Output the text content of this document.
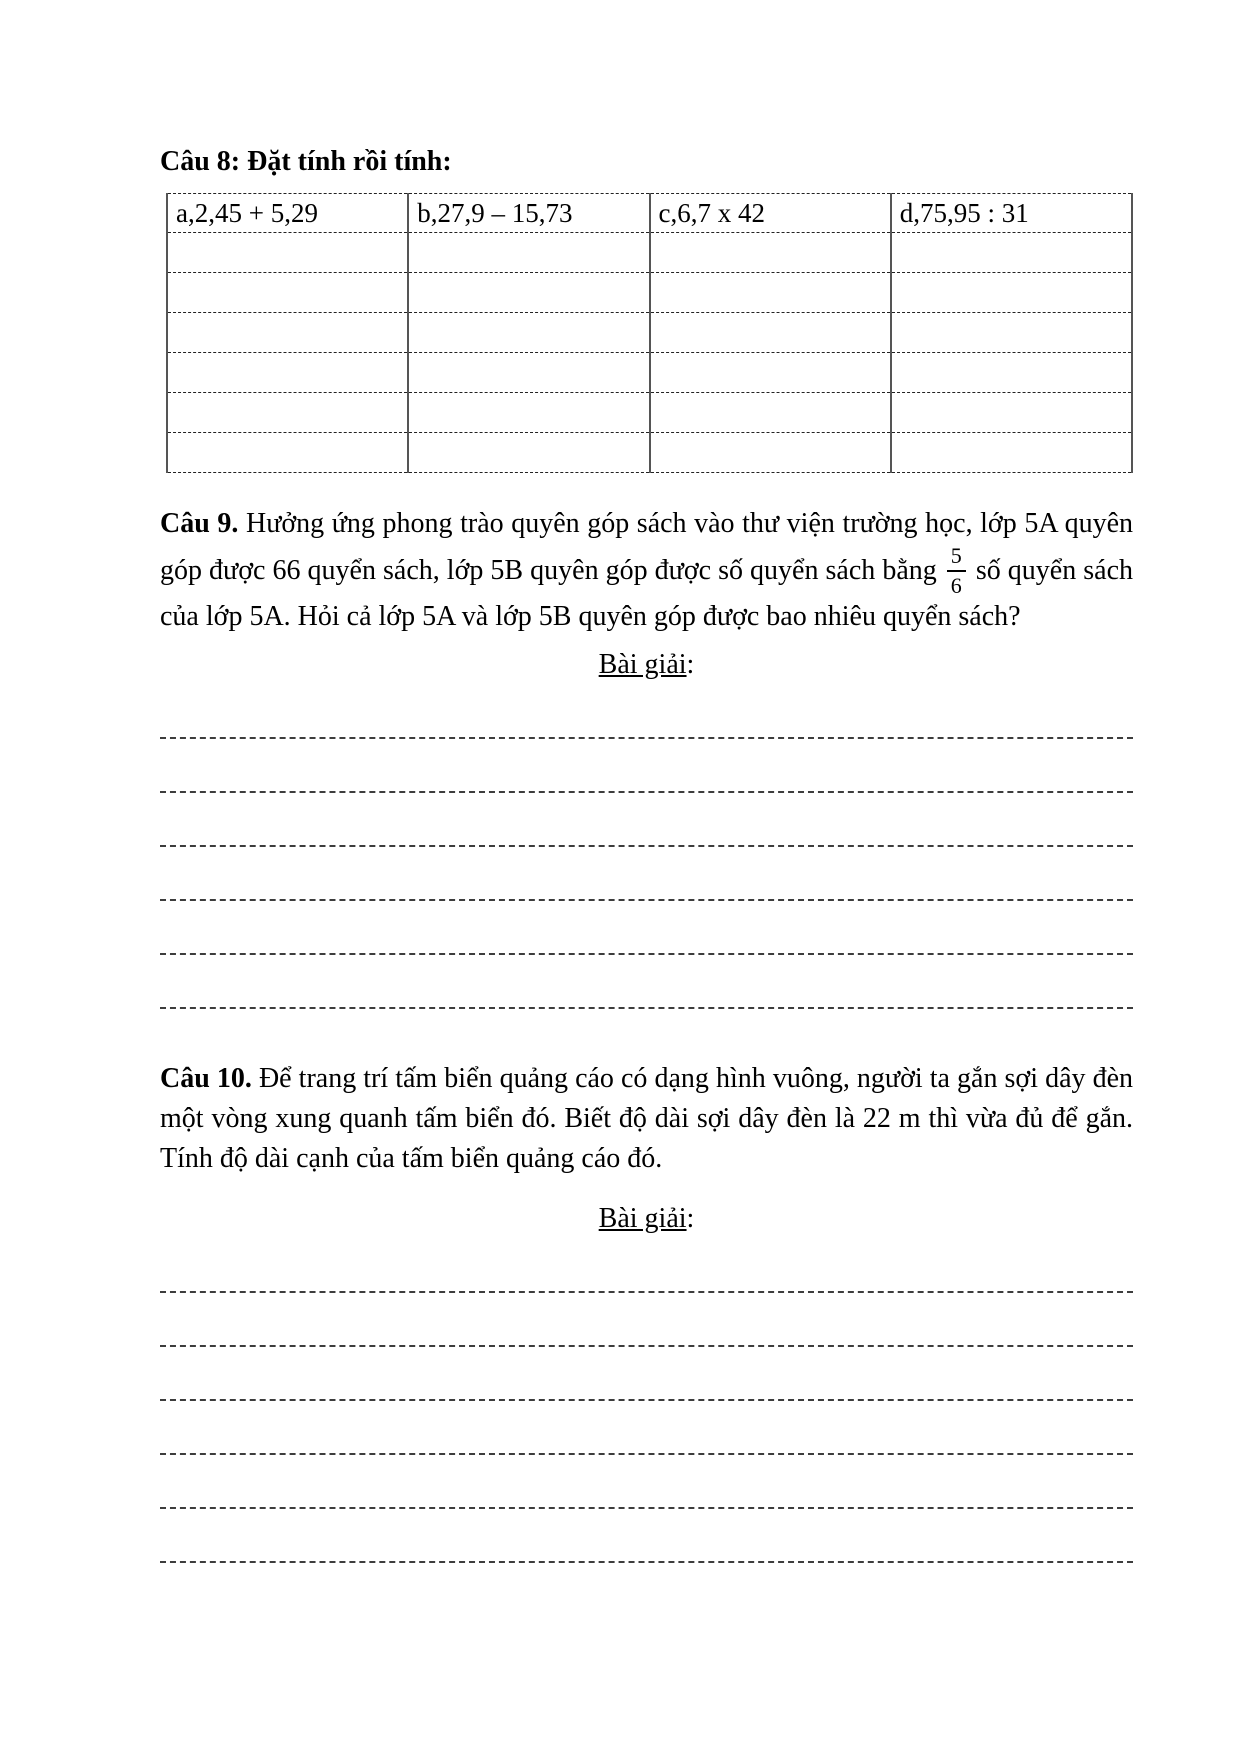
Câu 8: Đặt tính rồi tính:
a,2,45 + 5,29	b,27,9 – 15,73	c,6,7 x 42	d,75,95 : 31

Câu 9. Hưởng ứng phong trào quyên góp sách vào thư viện trường học, lớp 5A quyên góp được 66 quyển sách, lớp 5B quyên góp được số quyển sách bằng $\frac{5}{6}$ số quyển sách của lớp 5A. Hỏi cả lớp 5A và lớp 5B quyên góp được bao nhiêu quyển sách?

Bài giải:

Câu 10. Để trang trí tấm biển quảng cáo có dạng hình vuông, người ta gắn sợi dây đèn một vòng xung quanh tấm biển đó. Biết độ dài sợi dây đèn là 22 m thì vừa đủ để gắn. Tính độ dài cạnh của tấm biển quảng cáo đó.

Bài giải:
